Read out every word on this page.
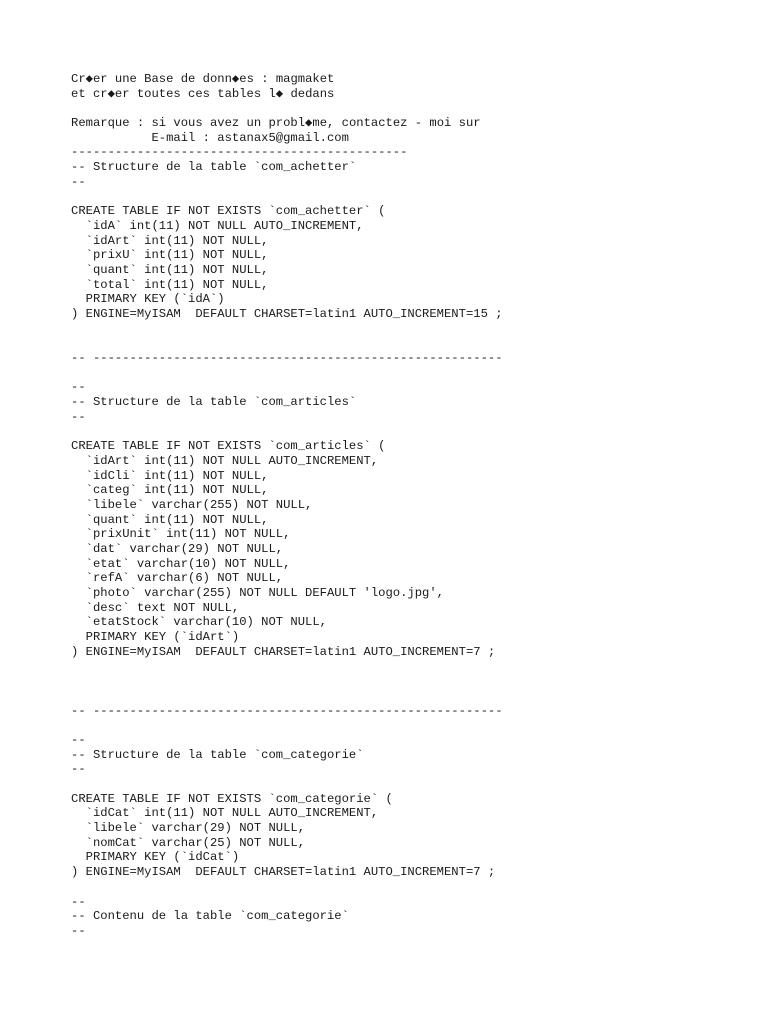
Cr◆er une Base de donn◆es : magmaket
et cr◆er toutes ces tables l◆ dedans
Remarque : si vous avez un probl◆me, contactez - moi sur
E-mail : astanax5@gmail.com
----------------------------------------------
-- Structure de la table `com_achetter`
--
CREATE TABLE IF NOT EXISTS `com_achetter` (
`idA` int(11) NOT NULL AUTO_INCREMENT,
`idArt` int(11) NOT NULL,
`prixU` int(11) NOT NULL,
`quant` int(11) NOT NULL,
`total` int(11) NOT NULL,
PRIMARY KEY (`idA`)
) ENGINE=MyISAM  DEFAULT CHARSET=latin1 AUTO_INCREMENT=15 ;
-- --------------------------------------------------------
--
-- Structure de la table `com_articles`
--
CREATE TABLE IF NOT EXISTS `com_articles` (
`idArt` int(11) NOT NULL AUTO_INCREMENT,
`idCli` int(11) NOT NULL,
`categ` int(11) NOT NULL,
`libele` varchar(255) NOT NULL,
`quant` int(11) NOT NULL,
`prixUnit` int(11) NOT NULL,
`dat` varchar(29) NOT NULL,
`etat` varchar(10) NOT NULL,
`refA` varchar(6) NOT NULL,
`photo` varchar(255) NOT NULL DEFAULT 'logo.jpg',
`desc` text NOT NULL,
`etatStock` varchar(10) NOT NULL,
PRIMARY KEY (`idArt`)
) ENGINE=MyISAM  DEFAULT CHARSET=latin1 AUTO_INCREMENT=7 ;
-- --------------------------------------------------------
--
-- Structure de la table `com_categorie`
--
CREATE TABLE IF NOT EXISTS `com_categorie` (
`idCat` int(11) NOT NULL AUTO_INCREMENT,
`libele` varchar(29) NOT NULL,
`nomCat` varchar(25) NOT NULL,
PRIMARY KEY (`idCat`)
) ENGINE=MyISAM  DEFAULT CHARSET=latin1 AUTO_INCREMENT=7 ;
--
-- Contenu de la table `com_categorie`
--
